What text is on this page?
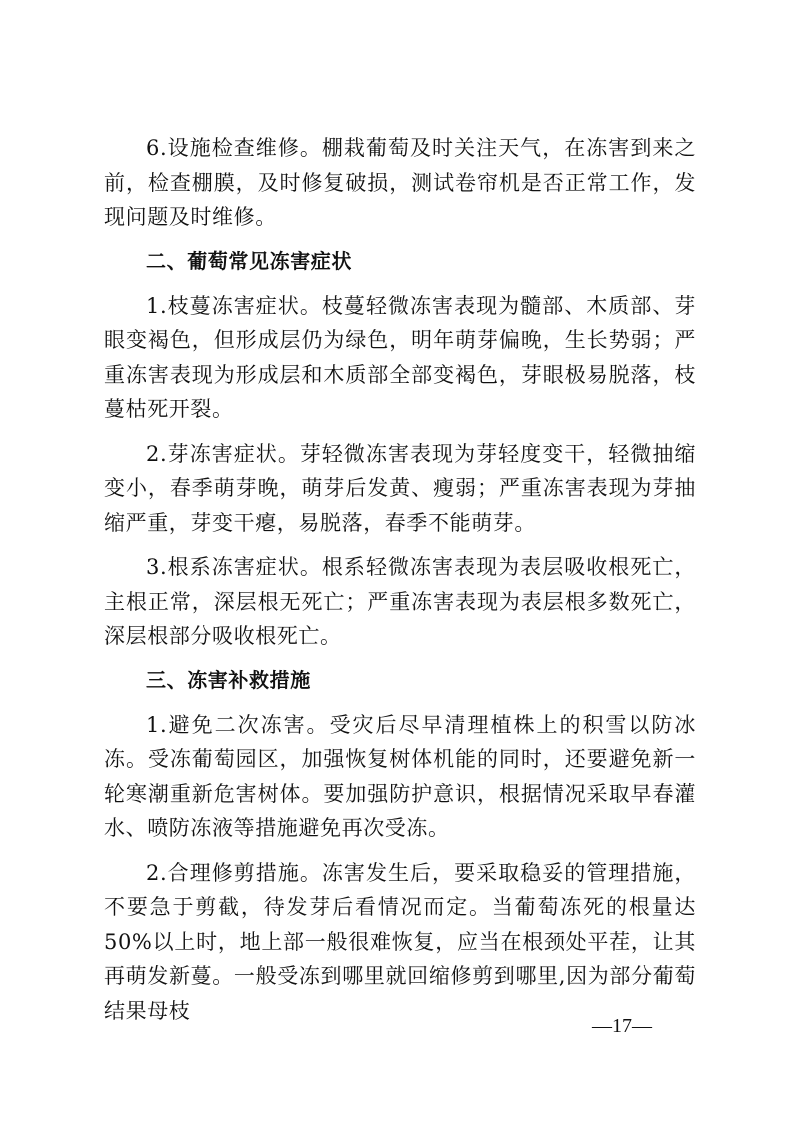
6.设施检查维修。棚栽葡萄及时关注天气，在冻害到来之前，检查棚膜，及时修复破损，测试卷帘机是否正常工作，发现问题及时维修。

二、葡萄常见冻害症状

1.枝蔓冻害症状。枝蔓轻微冻害表现为髓部、木质部、芽眼变褐色，但形成层仍为绿色，明年萌芽偏晚，生长势弱；严重冻害表现为形成层和木质部全部变褐色，芽眼极易脱落，枝蔓枯死开裂。

2.芽冻害症状。芽轻微冻害表现为芽轻度变干，轻微抽缩变小，春季萌芽晚，萌芽后发黄、瘦弱；严重冻害表现为芽抽缩严重，芽变干瘪，易脱落，春季不能萌芽。

3.根系冻害症状。根系轻微冻害表现为表层吸收根死亡，主根正常，深层根无死亡；严重冻害表现为表层根多数死亡，深层根部分吸收根死亡。

三、冻害补救措施

1.避免二次冻害。受灾后尽早清理植株上的积雪以防冰冻。受冻葡萄园区，加强恢复树体机能的同时，还要避免新一轮寒潮重新危害树体。要加强防护意识，根据情况采取早春灌水、喷防冻液等措施避免再次受冻。

2.合理修剪措施。冻害发生后，要采取稳妥的管理措施，不要急于剪截，待发芽后看情况而定。当葡萄冻死的根量达 50%以上时，地上部一般很难恢复，应当在根颈处平茬，让其再萌发新蔓。一般受冻到哪里就回缩修剪到哪里,因为部分葡萄结果母枝

—17—
